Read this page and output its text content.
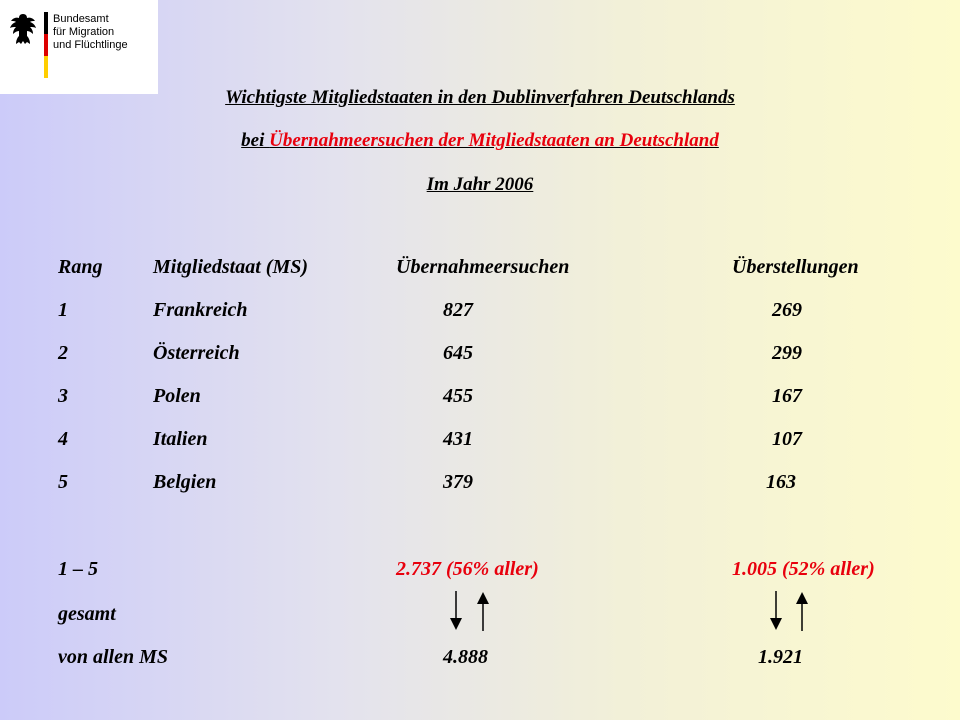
Bundesamt
für Migration
und Flüchtlinge
Wichtigste Mitgliedstaaten in den Dublinverfahren Deutschlands
bei Übernahmeersuchen der Mitgliedstaaten an Deutschland
Im Jahr 2006
Rang	Mitgliedstaat (MS)	Übernahmeersuchen	Überstellungen
1	Frankreich	827	269
2	Österreich	645	299
3	Polen	455	167
4	Italien	431	107
5	Belgien	379	163
1 – 5	2.737 (56% aller)	1.005 (52% aller)
gesamt
von allen MS	4.888	1.921
